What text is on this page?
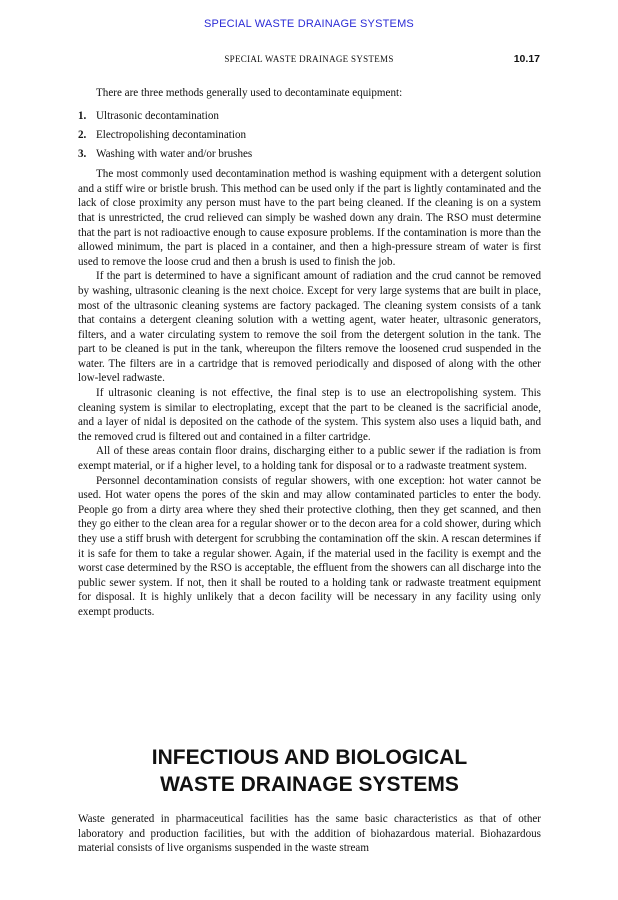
SPECIAL WASTE DRAINAGE SYSTEMS
SPECIAL WASTE DRAINAGE SYSTEMS	10.17

There are three methods generally used to decontaminate equipment:

1. Ultrasonic decontamination
2. Electropolishing decontamination
3. Washing with water and/or brushes

The most commonly used decontamination method is washing equipment with a detergent solution and a stiff wire or bristle brush. This method can be used only if the part is lightly contaminated and the lack of close proximity any person must have to the part being cleaned. If the cleaning is on a system that is unrestricted, the crud relieved can simply be washed down any drain. The RSO must determine that the part is not radioactive enough to cause exposure problems. If the contamination is more than the allowed minimum, the part is placed in a container, and then a high-pressure stream of water is first used to remove the loose crud and then a brush is used to finish the job.

If the part is determined to have a significant amount of radiation and the crud cannot be removed by washing, ultrasonic cleaning is the next choice. Except for very large systems that are built in place, most of the ultrasonic cleaning systems are factory packaged. The cleaning system consists of a tank that contains a detergent cleaning solution with a wetting agent, water heater, ultrasonic generators, filters, and a water circulating system to remove the soil from the detergent solution in the tank. The part to be cleaned is put in the tank, whereupon the filters remove the loosened crud suspended in the water. The filters are in a cartridge that is removed periodically and disposed of along with the other low-level radwaste.

If ultrasonic cleaning is not effective, the final step is to use an electropolishing system. This cleaning system is similar to electroplating, except that the part to be cleaned is the sacrificial anode, and a layer of nidal is deposited on the cathode of the system. This system also uses a liquid bath, and the removed crud is filtered out and contained in a filter cartridge.

All of these areas contain floor drains, discharging either to a public sewer if the radiation is from exempt material, or if a higher level, to a holding tank for disposal or to a radwaste treatment system.

Personnel decontamination consists of regular showers, with one exception: hot water cannot be used. Hot water opens the pores of the skin and may allow contaminated particles to enter the body. People go from a dirty area where they shed their protective clothing, then they get scanned, and then they go either to the clean area for a regular shower or to the decon area for a cold shower, during which they use a stiff brush with detergent for scrubbing the contamination off the skin. A rescan determines if it is safe for them to take a regular shower. Again, if the material used in the facility is exempt and the worst case determined by the RSO is acceptable, the effluent from the showers can all discharge into the public sewer system. If not, then it shall be routed to a holding tank or radwaste treatment equipment for disposal. It is highly unlikely that a decon facility will be necessary in any facility using only exempt products.

INFECTIOUS AND BIOLOGICAL
WASTE DRAINAGE SYSTEMS

Waste generated in pharmaceutical facilities has the same basic characteristics as that of other laboratory and production facilities, but with the addition of biohazardous material. Biohazardous material consists of live organisms suspended in the waste stream
